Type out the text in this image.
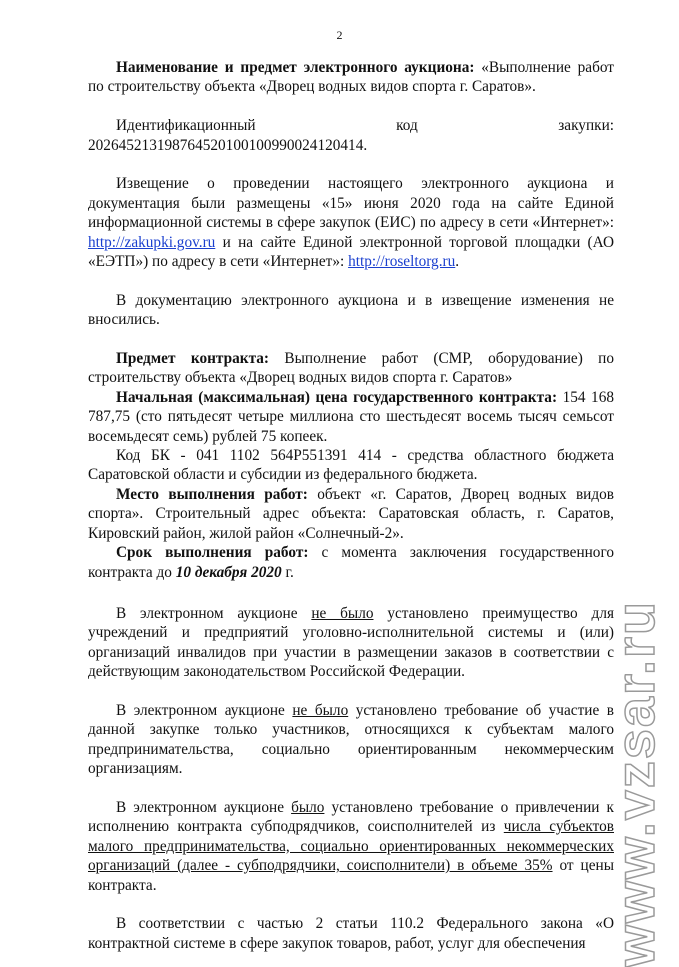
2

Наименование и предмет электронного аукциона: «Выполнение работ по строительству объекта «Дворец водных видов спорта г. Саратов».

Идентификационный	код	закупки:
202645213198764520100100990024120414.

Извещение о проведении настоящего электронного аукциона и документация были размещены «15» июня 2020 года на сайте Единой информационной системы в сфере закупок (ЕИС) по адресу в сети «Интернет»: http://zakupki.gov.ru и на сайте Единой электронной торговой площадки (АО «ЕЭТП») по адресу в сети «Интернет»: http://roseltorg.ru.

В документацию электронного аукциона и в извещение изменения не вносились.

Предмет контракта: Выполнение работ (СМР, оборудование) по строительству объекта «Дворец водных видов спорта г. Саратов»

Начальная (максимальная) цена государственного контракта: 154 168 787,75 (сто пятьдесят четыре миллиона сто шестьдесят восемь тысяч семьсот восемьдесят семь) рублей 75 копеек.

Код БК - 041 1102 564Р551391 414 - средства областного бюджета Саратовской области и субсидии из федерального бюджета.

Место выполнения работ: объект «г. Саратов, Дворец водных видов спорта». Строительный адрес объекта: Саратовская область, г. Саратов, Кировский район, жилой район «Солнечный-2».

Срок выполнения работ: с момента заключения государственного контракта до 10 декабря 2020 г.

В электронном аукционе не было установлено преимущество для учреждений и предприятий уголовно-исполнительной системы и (или) организаций инвалидов при участии в размещении заказов в соответствии с действующим законодательством Российской Федерации.

В электронном аукционе не было установлено требование об участие в данной закупке только участников, относящихся к субъектам малого предпринимательства, социально ориентированным некоммерческим организациям.

В электронном аукционе было установлено требование о привлечении к исполнению контракта субподрядчиков, соисполнителей из числа субъектов малого предпринимательства, социально ориентированных некоммерческих организаций (далее - субподрядчики, соисполнители) в объеме 35% от цены контракта.

В соответствии с частью 2 статьи 110.2 Федерального закона «О контрактной системе в сфере закупок товаров, работ, услуг для обеспечения www.vzsar.ru
